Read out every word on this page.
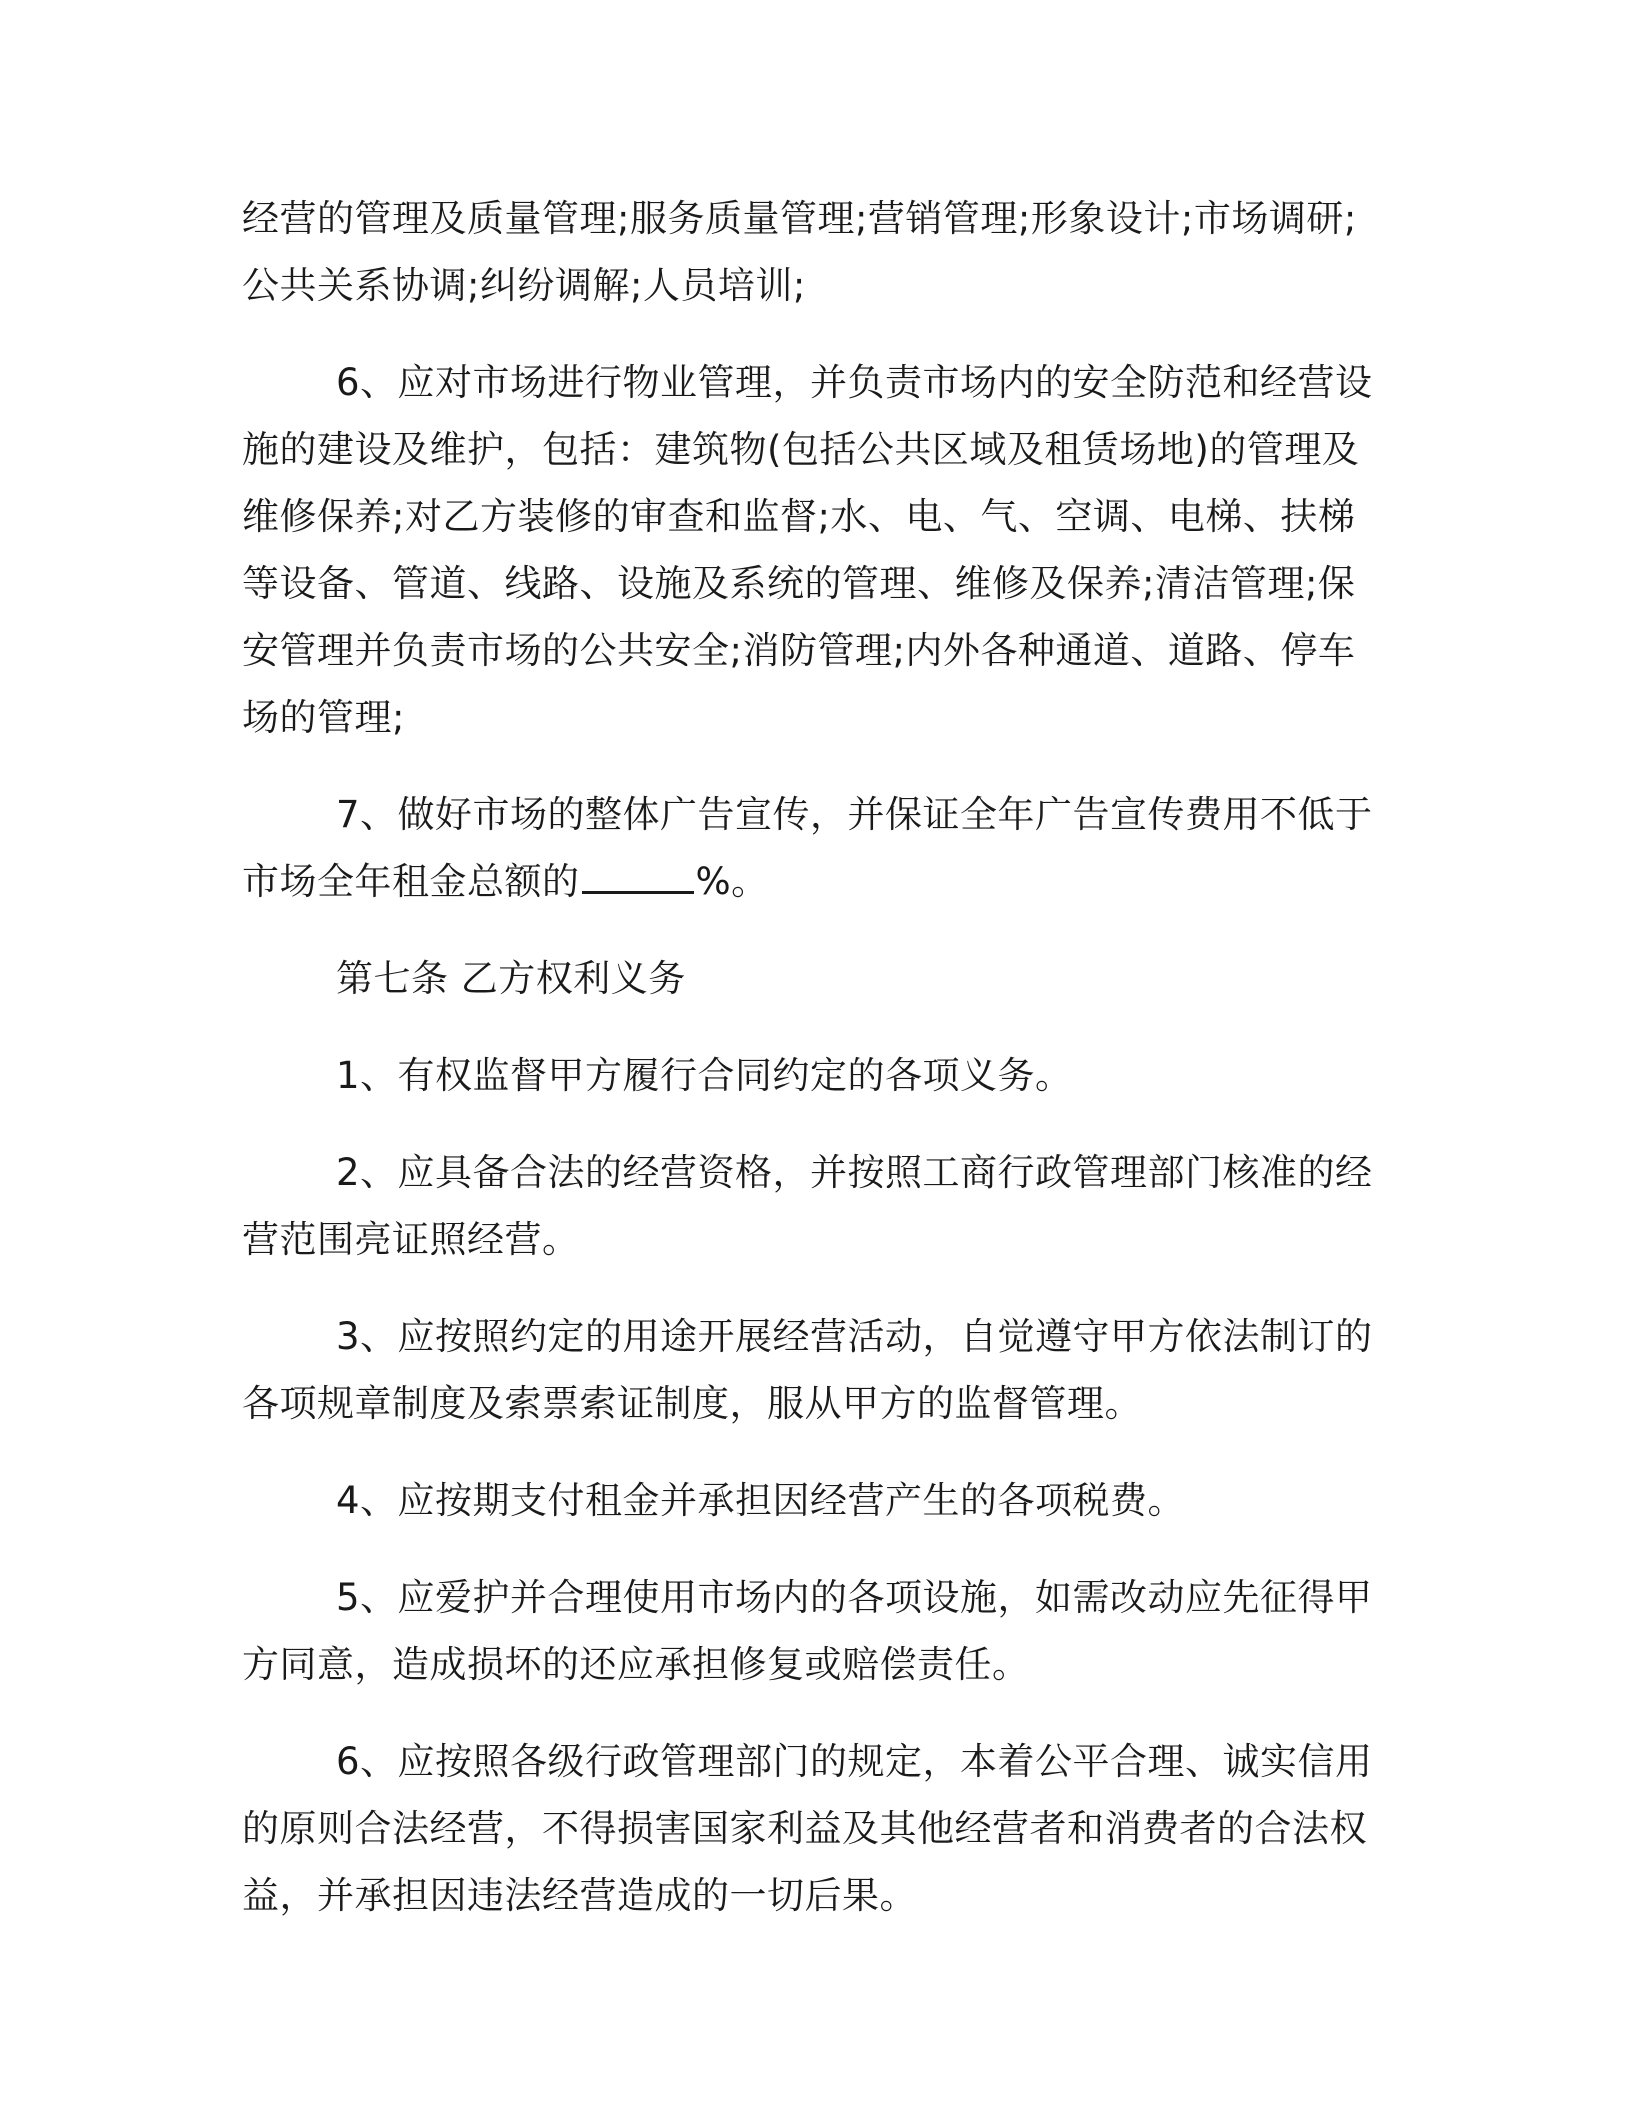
经营的管理及质量管理;服务质量管理;营销管理;形象设计;市场调研;公共关系协调;纠纷调解;人员培训;

6、应对市场进行物业管理，并负责市场内的安全防范和经营设施的建设及维护，包括：建筑物(包括公共区域及租赁场地)的管理及维修保养;对乙方装修的审查和监督;水、电、气、空调、电梯、扶梯等设备、管道、线路、设施及系统的管理、维修及保养;清洁管理;保安管理并负责市场的公共安全;消防管理;内外各种通道、道路、停车场的管理;

7、做好市场的整体广告宣传，并保证全年广告宣传费用不低于市场全年租金总额的	%。

第七条 乙方权利义务

1、有权监督甲方履行合同约定的各项义务。

2、应具备合法的经营资格，并按照工商行政管理部门核准的经营范围亮证照经营。

3、应按照约定的用途开展经营活动，自觉遵守甲方依法制订的各项规章制度及索票索证制度，服从甲方的监督管理。

4、应按期支付租金并承担因经营产生的各项税费。

5、应爱护并合理使用市场内的各项设施，如需改动应先征得甲方同意，造成损坏的还应承担修复或赔偿责任。

6、应按照各级行政管理部门的规定，本着公平合理、诚实信用的原则合法经营，不得损害国家利益及其他经营者和消费者的合法权益，并承担因违法经营造成的一切后果。
